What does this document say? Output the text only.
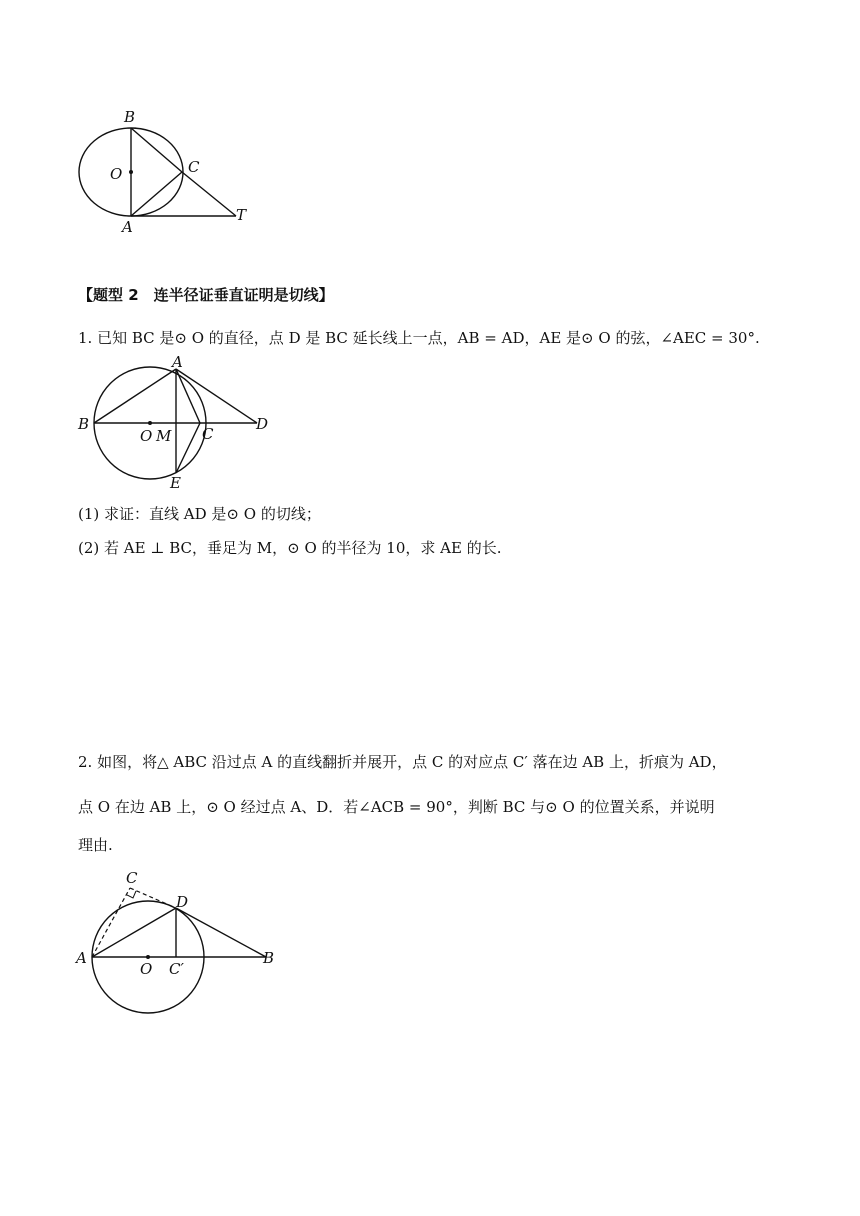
B
O	C
A
T
【题型 2　连半径证垂直证明是切线】
1. 已知 BC 是⊙ O 的直径，点 D 是 BC 延长线上一点，AB = AD，AE 是⊙ O 的弦，∠AEC = 30°.
A
B
O M C
D
E
(1) 求证：直线 AD 是⊙ O 的切线；
(2) 若 AE ⊥ BC，垂足为 M，⊙ O 的半径为 10，求 AE 的长.
2. 如图，将△ ABC 沿过点 A 的直线翻折并展开，点 C 的对应点 C′ 落在边 AB 上，折痕为 AD，
点 O 在边 AB 上，⊙ O 经过点 A、D．若∠ACB = 90°，判断 BC 与⊙ O 的位置关系，并说明
理由.
C
D
A
O C′
B
